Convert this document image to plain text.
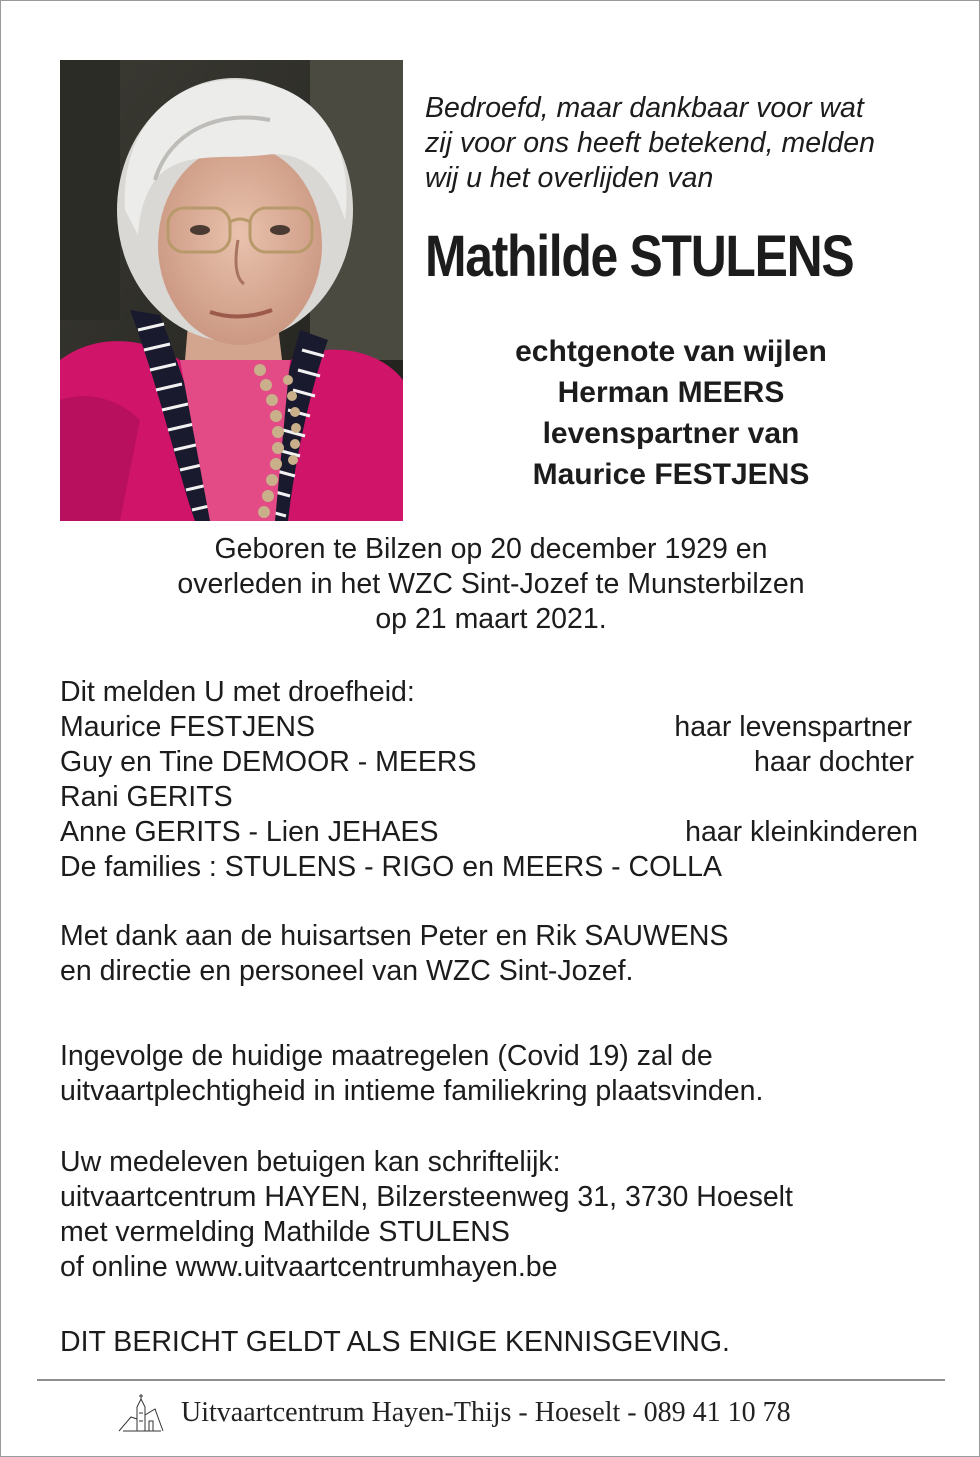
Bedroefd, maar dankbaar voor wat
zij voor ons heeft betekend, melden
wij u het overlijden van
Mathilde STULENS
echtgenote van wijlen
Herman MEERS
levenspartner van
Maurice FESTJENS
Geboren te Bilzen op 20 december 1929 en
overleden in het WZC Sint-Jozef te Munsterbilzen
op 21 maart 2021.
Dit melden U met droefheid:
Maurice FESTJENS	haar levenspartner
Guy en Tine DEMOOR - MEERS	haar dochter
Rani GERITS
Anne GERITS - Lien JEHAES	haar kleinkinderen
De families : STULENS - RIGO en MEERS - COLLA
Met dank aan de huisartsen Peter en Rik SAUWENS
en directie en personeel van WZC Sint-Jozef.
Ingevolge de huidige maatregelen (Covid 19) zal de
uitvaartplechtigheid in intieme familiekring plaatsvinden.
Uw medeleven betuigen kan schriftelijk:
uitvaartcentrum HAYEN, Bilzersteenweg 31, 3730 Hoeselt
met vermelding Mathilde STULENS
of online www.uitvaartcentrumhayen.be
DIT BERICHT GELDT ALS ENIGE KENNISGEVING.
Uitvaartcentrum Hayen-Thijs - Hoeselt - 089 41 10 78
